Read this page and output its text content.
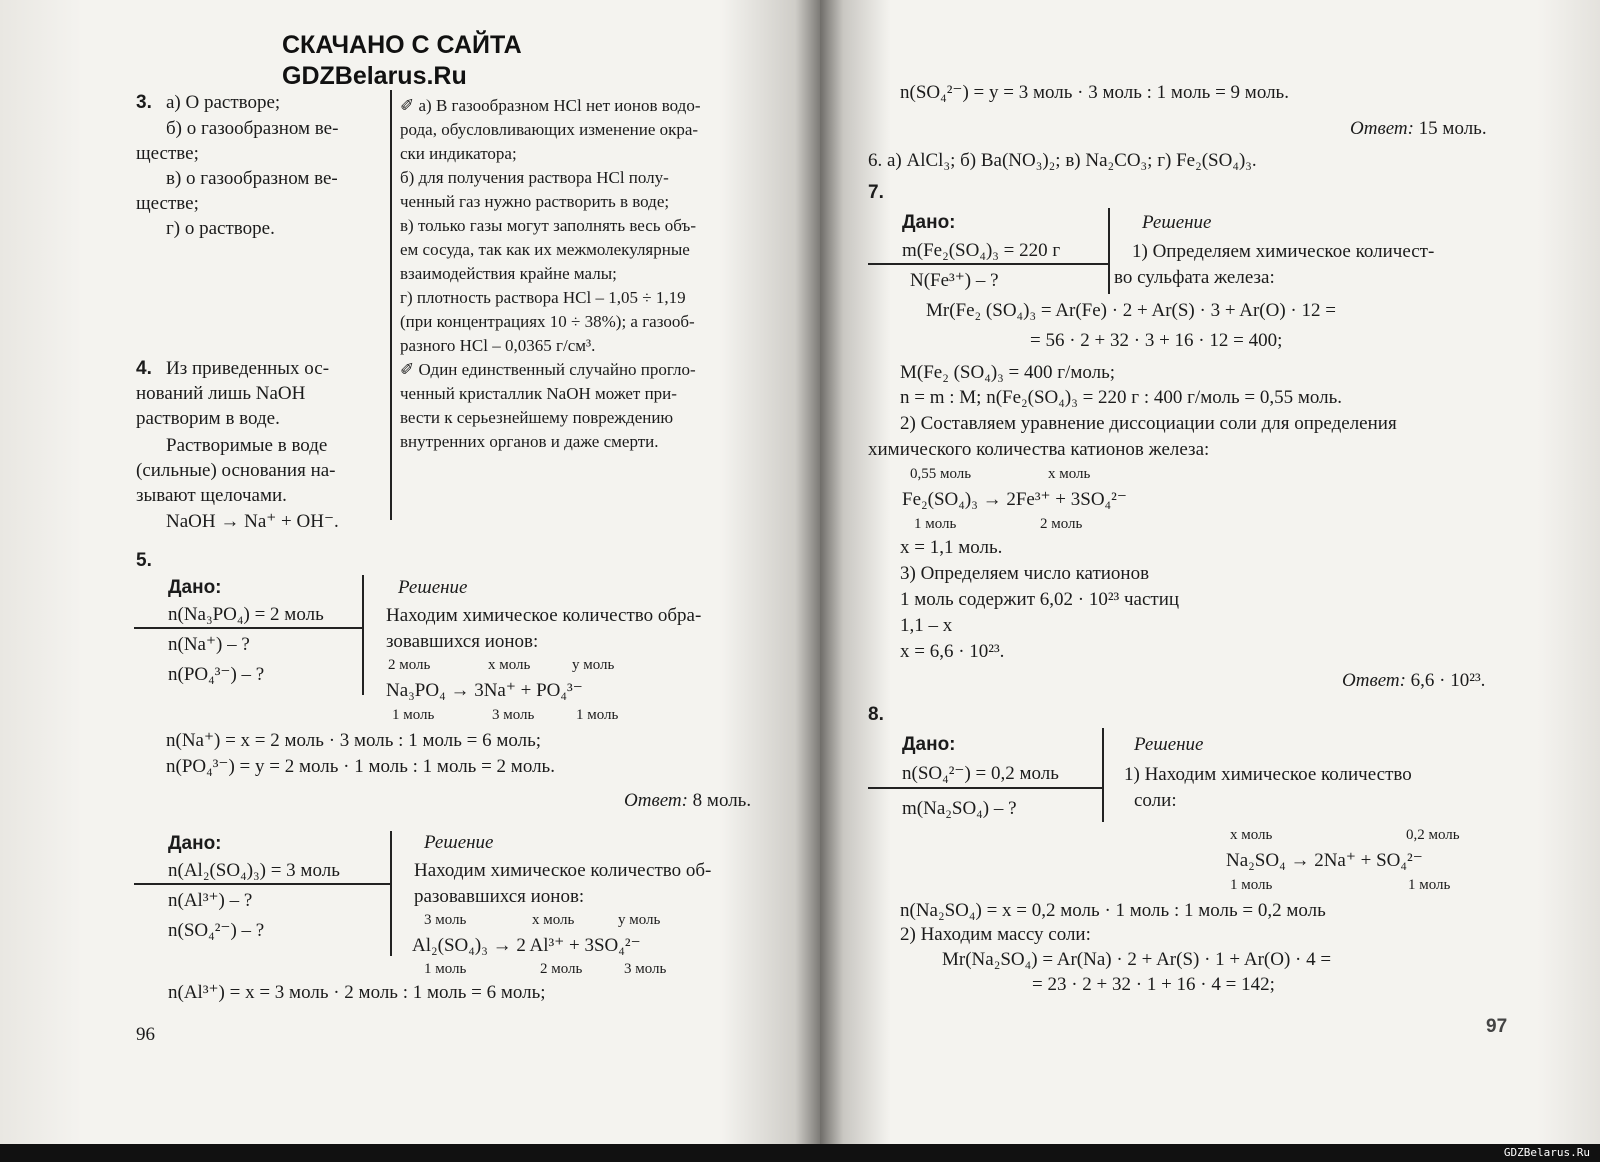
СКАЧАНО С САЙТА
GDZBelarus.Ru
3. а) О растворе;
б) о газообразном ве-
ществе;
в) о газообразном ве-
ществе;
г) о растворе.
✐ а) В газообразном HCl нет ионов водо-
рода, обусловливающих изменение окра-
ски индикатора;
б) для получения раствора HCl полу-
ченный газ нужно растворить в воде;
в) только газы могут заполнять весь объ-
ем сосуда, так как их межмолекулярные
взаимодействия крайне малы;
г) плотность раствора HCl – 1,05 ÷ 1,19
(при концентрациях 10 ÷ 38%); а газооб-
разного HCl – 0,0365 г/см³.
✐ Один единственный случайно прогло-
ченный кристаллик NaOH может при-
вести к серьезнейшему повреждению
внутренних органов и даже смерти.
4. Из приведенных ос-
нований лишь NaOH
растворим в воде.
Растворимые в воде
(сильные) основания на-
зывают щелочами.
NaOH → Na⁺ + OH⁻.
5.
Дано:
n(Na₃PO₄) = 2 моль
n(Na⁺) – ?
n(PO₄³⁻) – ?
Решение
Находим химическое количество обра-
зовавшихся ионов:
2 моль	x моль	y моль
Na₃PO₄ → 3Na⁺ + PO₄³⁻
1 моль	3 моль	1 моль
n(Na⁺) = x = 2 моль · 3 моль : 1 моль = 6 моль;
n(PO₄³⁻) = y = 2 моль · 1 моль : 1 моль = 2 моль.
Ответ: 8 моль.
Дано:
n(Al₂(SO₄)₃) = 3 моль
n(Al³⁺) – ?
n(SO₄²⁻) – ?
Решение
Находим химическое количество об-
разовавшихся ионов:
3 моль	x моль	y моль
Al₂(SO₄)₃ → 2 Al³⁺ + 3SO₄²⁻
1 моль	2 моль	3 моль
n(Al³⁺) = x = 3 моль · 2 моль : 1 моль = 6 моль;
96
n(SO₄²⁻) = y = 3 моль · 3 моль : 1 моль = 9 моль.
Ответ: 15 моль.
6. а) AlCl₃; б) Ba(NO₃)₂; в) Na₂CO₃; г) Fe₂(SO₄)₃.
7.
Дано:
m(Fe₂(SO₄)₃ = 220 г
N(Fe³⁺) – ?
Решение
1) Определяем химическое количест-
во сульфата железа:
Mr(Fe₂ (SO₄)₃ = Ar(Fe) · 2 + Ar(S) · 3 + Ar(O) · 12 =
= 56 · 2 + 32 · 3 + 16 · 12 = 400;
M(Fe₂ (SO₄)₃ = 400 г/моль;
n = m : M; n(Fe₂(SO₄)₃ = 220 г : 400 г/моль = 0,55 моль.
2) Составляем уравнение диссоциации соли для определения
химического количества катионов железа:
0,55 моль	x моль
Fe₂(SO₄)₃ → 2Fe³⁺ + 3SO₄²⁻
1 моль	2 моль
x = 1,1 моль.
3) Определяем число катионов
1 моль содержит 6,02 · 10²³ частиц
1,1 – x
x = 6,6 · 10²³.
Ответ: 6,6 · 10²³.
8.
Дано:
n(SO₄²⁻) = 0,2 моль
m(Na₂SO₄) – ?
Решение
1) Находим химическое количество
соли:
x моль	0,2 моль
Na₂SO₄ → 2Na⁺ + SO₄²⁻
1 моль	1 моль
n(Na₂SO₄) = x = 0,2 моль · 1 моль : 1 моль = 0,2 моль
2) Находим массу соли:
Mr(Na₂SO₄) = Ar(Na) · 2 + Ar(S) · 1 + Ar(O) · 4 =
= 23 · 2 + 32 · 1 + 16 · 4 = 142;
97
GDZBelarus.Ru
